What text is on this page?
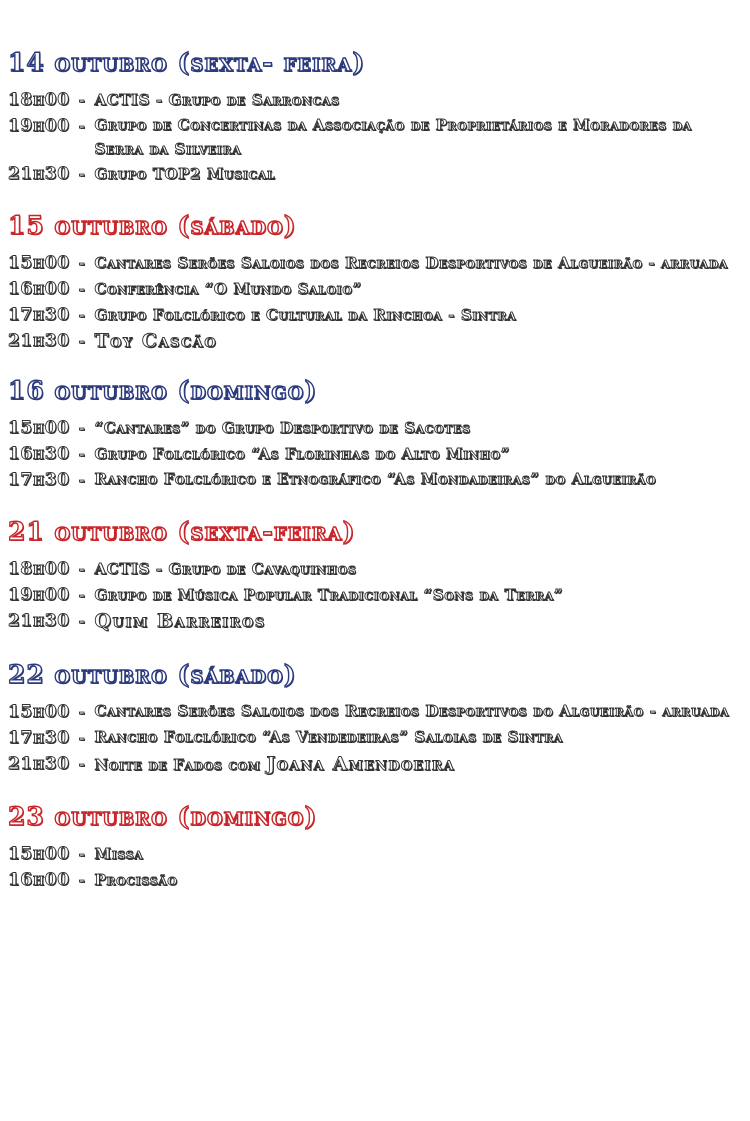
14 outubro (sexta- feira)
18h00 - ACTIS - Grupo de Sarroncas
19h00 - Grupo de Concertinas da Associação de Proprietários e Moradores da Serra da Silveira
21h30 - Grupo TOP2 Musical
15 outubro (sábado)
15h00 - Cantares Serões Saloios dos Recreios Desportivos de Algueirão - arruada
16h00 - Conferência “O Mundo Saloio”
17h30 - Grupo Folclórico e Cultural da Rinchoa - Sintra
21h30 - Toy Cascão
16 outubro (domingo)
15h00 - “Cantares” do Grupo Desportivo de Sacotes
16h30 - Grupo Folclórico “As Florinhas do Alto Minho”
17h30 - Rancho Folclórico e Etnográfico “As Mondadeiras” do Algueirão
21 outubro (sexta-feira)
18h00 - ACTIS - Grupo de Cavaquinhos
19h00 - Grupo de Música Popular Tradicional “Sons da Terra”
21h30 - Quim Barreiros
22 outubro (sábado)
15h00 - Cantares Serões Saloios dos Recreios Desportivos do Algueirão - arruada
17h30 - Rancho Folclórico “As Vendedeiras” Saloias de Sintra
21h30 - Noite de Fados com Joana Amendoeira
23 outubro (domingo)
15h00 - Missa
16h00 - Procissão
